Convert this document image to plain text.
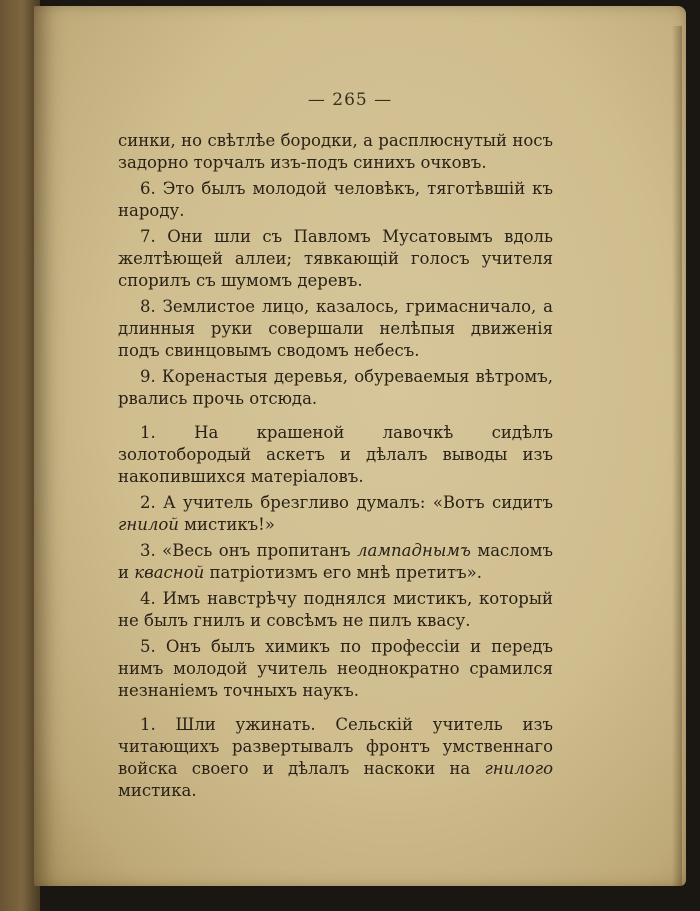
— 265 —

синки, но свѣтлѣе бородки, а расплюснутый носъ задорно торчалъ изъ-подъ синихъ очковъ.

6. Это былъ молодой человѣкъ, тяготѣвшій къ народу.

7. Они шли съ Павломъ Мусатовымъ вдоль желтѣющей аллеи; тявкающій голосъ учителя спорилъ съ шумомъ деревъ.

8. Землистое лицо, казалось, гримасничало, а длинныя руки совершали нелѣпыя движенія подъ свинцовымъ сводомъ небесъ.

9. Коренастыя деревья, обуреваемыя вѣтромъ, рвались прочь отсюда.

1. На крашеной лавочкѣ сидѣлъ золотобородый аскетъ и дѣлалъ выводы изъ накопившихся матеріаловъ.

2. А учитель брезгливо думалъ: «Вотъ сидитъ гнилой мистикъ!»

3. «Весь онъ пропитанъ лампаднымъ масломъ и квасной патріотизмъ его мнѣ претитъ».

4. Имъ навстрѣчу поднялся мистикъ, который не былъ гнилъ и совсѣмъ не пилъ квасу.

5. Онъ былъ химикъ по профессіи и передъ нимъ молодой учитель неоднократно срамился незнаніемъ точныхъ наукъ.

1. Шли ужинать. Сельскій учитель изъ читающихъ развертывалъ фронтъ умственнаго войска своего и дѣлалъ наскоки на гнилого мистика.
